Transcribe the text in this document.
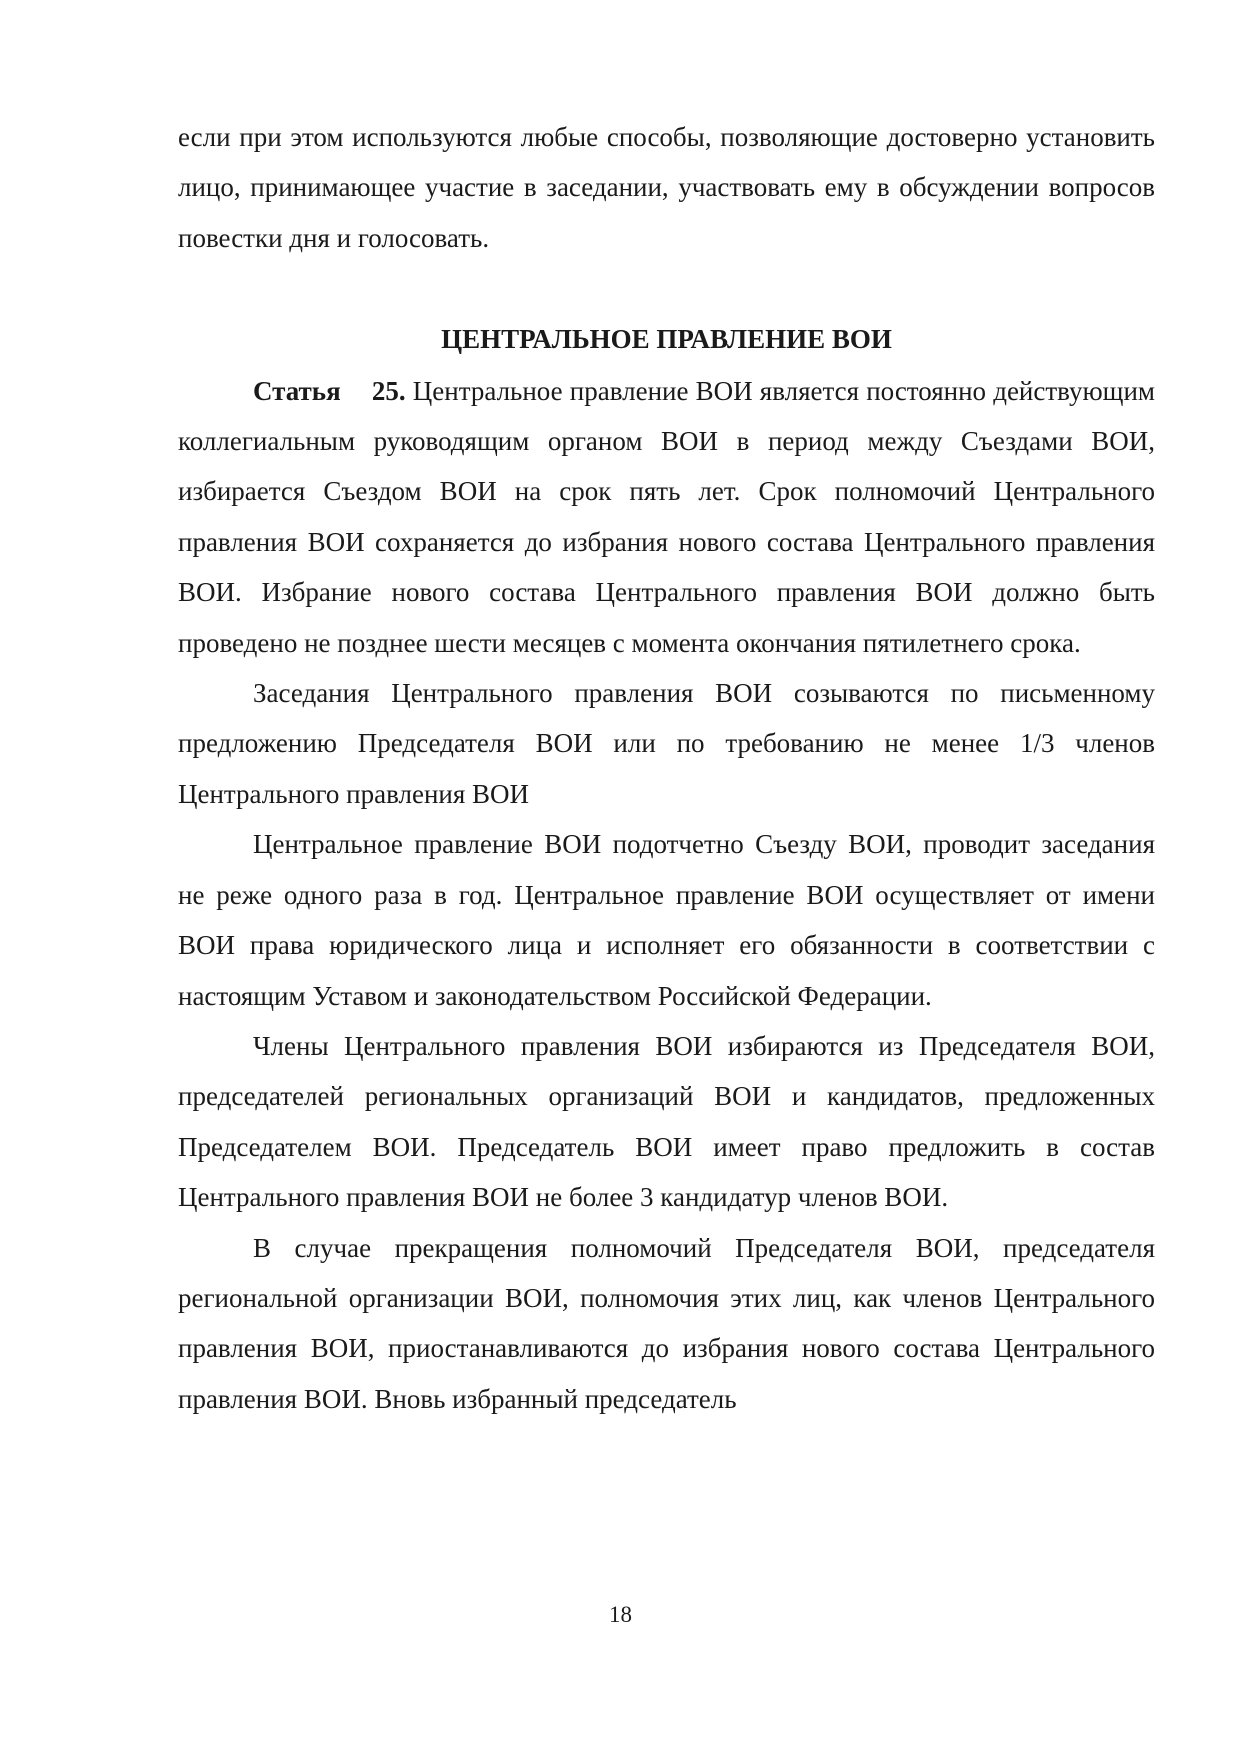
если при этом используются любые способы, позволяющие достоверно установить лицо, принимающее участие в заседании, участвовать ему в обсуждении вопросов повестки дня и голосовать.

ЦЕНТРАЛЬНОЕ ПРАВЛЕНИЕ ВОИ

Статья 25. Центральное правление ВОИ является постоянно действующим коллегиальным руководящим органом ВОИ в период между Съездами ВОИ, избирается Съездом ВОИ на срок пять лет. Срок полномочий Центрального правления ВОИ сохраняется до избрания нового состава Центрального правления ВОИ. Избрание нового состава Центрального правления ВОИ должно быть проведено не позднее шести месяцев с момента окончания пятилетнего срока.

Заседания Центрального правления ВОИ созываются по письменному предложению Председателя ВОИ или по требованию не менее 1/3 членов Центрального правления ВОИ

Центральное правление ВОИ подотчетно Съезду ВОИ, проводит заседания не реже одного раза в год. Центральное правление ВОИ осуществляет от имени ВОИ права юридического лица и исполняет его обязанности в соответствии с настоящим Уставом и законодательством Российской Федерации.

Члены Центрального правления ВОИ избираются из Председателя ВОИ, председателей региональных организаций ВОИ и кандидатов, предложенных Председателем ВОИ. Председатель ВОИ имеет право предложить в состав Центрального правления ВОИ не более 3 кандидатур членов ВОИ.

В случае прекращения полномочий Председателя ВОИ, председателя региональной организации ВОИ, полномочия этих лиц, как членов Центрального правления ВОИ, приостанавливаются до избрания нового состава Центрального правления ВОИ. Вновь избранный председатель

18
